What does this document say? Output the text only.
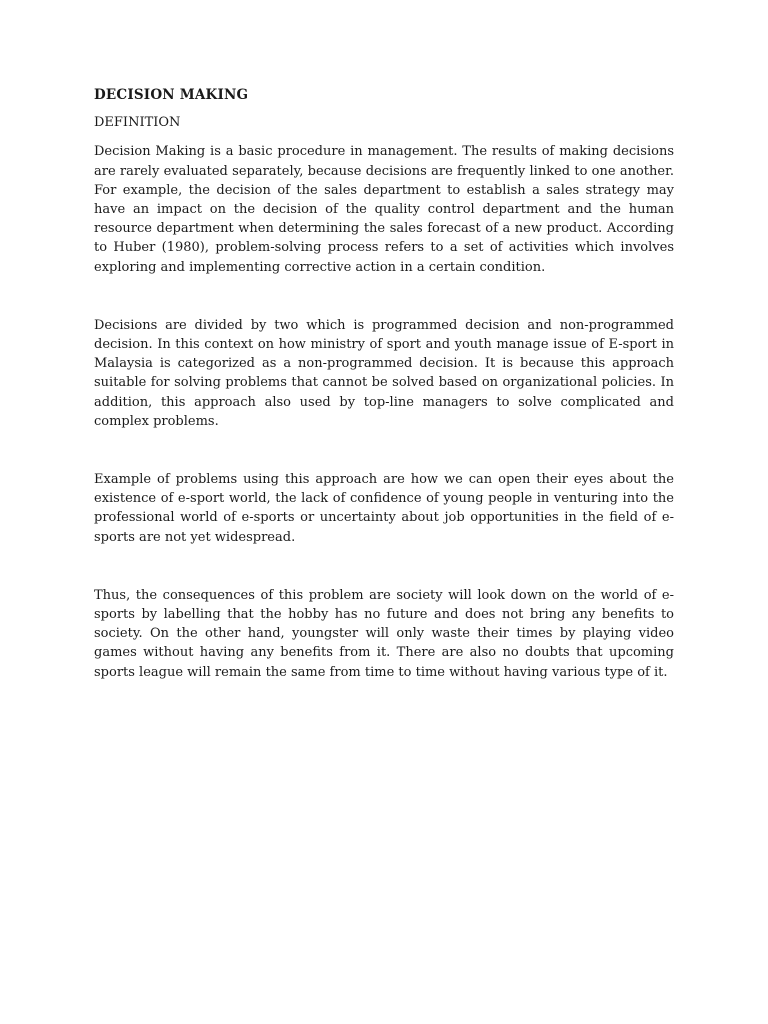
DECISION MAKING
DEFINITION

Decision Making is a basic procedure in management. The results of making decisions are rarely evaluated separately, because decisions are frequently linked to one another. For example, the decision of the sales department to establish a sales strategy may have an impact on the decision of the quality control department and the human resource department when determining the sales forecast of a new product. According to Huber (1980), problem-solving process refers to a set of activities which involves exploring and implementing corrective action in a certain condition.

Decisions are divided by two which is programmed decision and non-programmed decision. In this context on how ministry of sport and youth manage issue of E-sport in Malaysia is categorized as a non-programmed decision. It is because this approach suitable for solving problems that cannot be solved based on organizational policies. In addition, this approach also used by top-line managers to solve complicated and complex problems.

Example of problems using this approach are how we can open their eyes about the existence of e-sport world, the lack of confidence of young people in venturing into the professional world of e-sports or uncertainty about job opportunities in the field of e-sports are not yet widespread.

Thus, the consequences of this problem are society will look down on the world of e-sports by labelling that the hobby has no future and does not bring any benefits to society. On the other hand, youngster will only waste their times by playing video games without having any benefits from it. There are also no doubts that upcoming sports league will remain the same from time to time without having various type of it.
